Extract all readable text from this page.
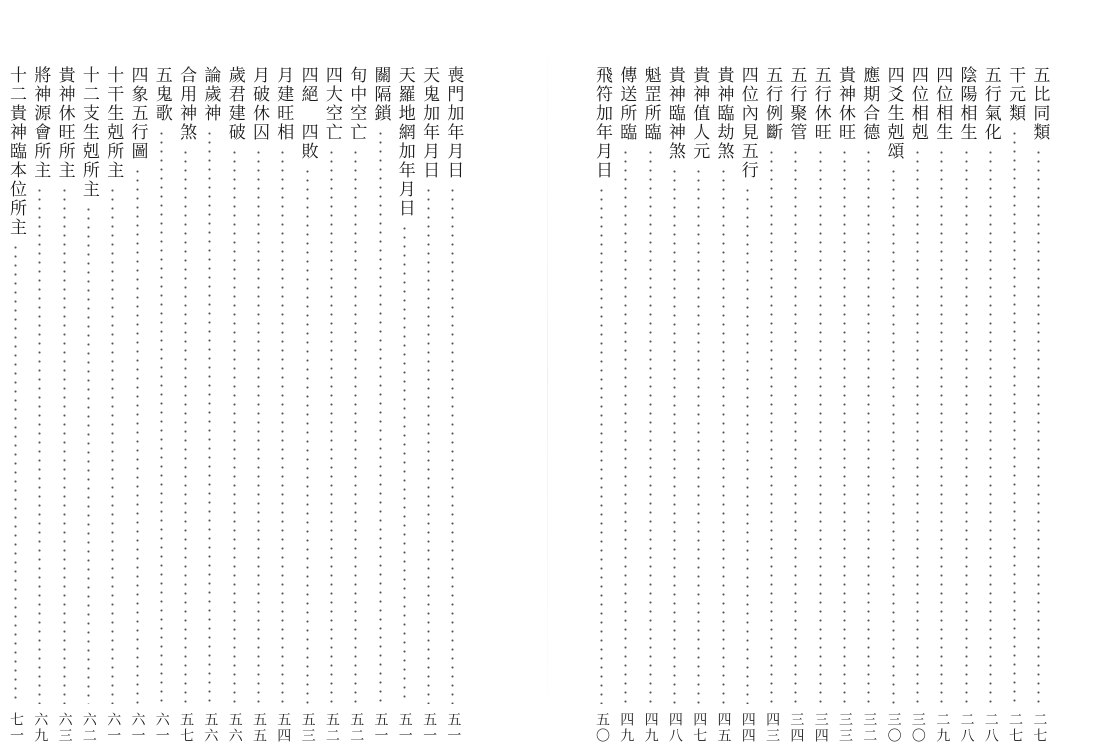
十二貴神臨本位所主
七一
將神源會所主
六九
貴神休旺所主
六三
十二支生剋所主
六二
十干生剋所主
六一
四象五行圖
六一
五鬼歌
六一
合用神煞
五七
論歲神
五六
歲君建破
五六
月破休囚
五五
月建旺相
五四
四絕　四敗
五三
四大空亡
五二
旬中空亡
五二
關隔鎖
五一
天羅地網加年月日
五一
天鬼加年月日
五一
喪門加年月日
五一
飛符加年月日
五〇
傳送所臨
四九
魁罡所臨
四九
貴神臨神煞
四八
貴神值人元
四七
貴神臨劫煞
四五
四位內見五行
四四
五行例斷
四三
五行聚管
三四
五行休旺
三四
貴神休旺
三三
應期合德
三二
四爻生剋頌
三〇
四位相剋
三〇
四位相生
二九
陰陽相生
二八
五行氣化
二八
干元類
二七
五比同類
二七
